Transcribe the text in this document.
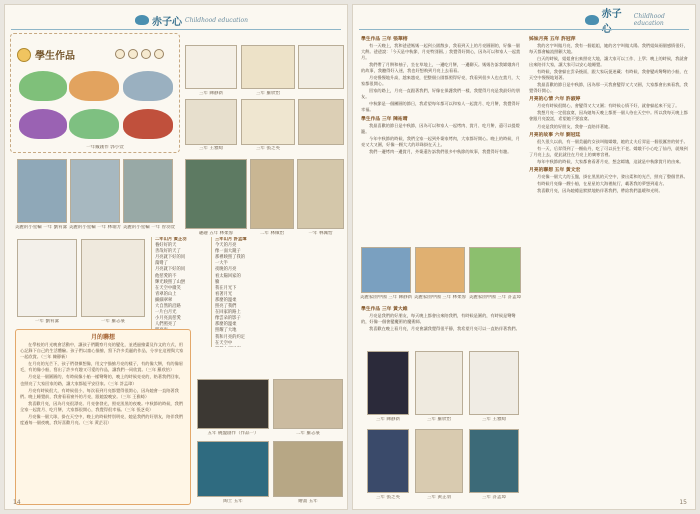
赤子心 Childhood education
學生作品
一年級創作 郭小萱
三年 陳靜新	三年 羅欣怡
三年 王雅綺	三年 張芝英
美麗的小星輪 一年 劉宥潔 美麗的小星輪 一年 林瑜芳 美麗的小星輪 一年 曾羽萱
趣趣 五年 林柔蓉	二年 林佩怡	一年 林佩怡
一年 劉宥潔	一年 羅志豪
二年山月 黃芷羽
養好好的天
善哉好的天了
月亮就下好的同
蕩彎了
月亮就下好的同
他慈愛的不
輝光映照了山巒
在天空中微笑
青翠的山上
細細翠翠
大自然的沿路
一片白月光
小月亮真慈愛
人們照亮了
三年山月 許孟璋
今天的月亮
像一面大鏡子
那裡映照了我的
一大半
夜晚的月亮
看太陽回家的
臉
我在月光下
看著月光
那麼的溫柔
照亮了我們
在回家的路上
像雲朵的影子
那麼的溫柔
照耀了大地
我和月亮的約定
在天空中
月的聯想

在學校的月光晚會活動中，讓孩子們觀察月亮的變化，並透過繪畫及作文的方式，用心記錄下自己的生活體驗。孩子們以童心描繪，寫下許多美麗的作品，分享在這裡與大家一起欣賞。（三年 陳靜新）

在月亮的光芒下，孩子們發揮想像，用文字描繪月亮的樣子，有的像大餅，有的像眉毛，有的像小船，寫出了許多有趣又可愛的作品，讓我們一同欣賞。（三年 羅欣怡）

月亮是一個圓圓的，有時候像小船一樣彎彎的，晚上的時候亮亮的，陪著我們回家，也照亮了大家回家的路，讓大家都能平安回家。（三年 許孟璋）

月亮有時候很大，有時候很小，每次看到月亮都覺得很開心，因為她會一直陪著我們。晚上睡覺前，我會看看窗外的月亮，跟她說晚安。（三年 王雅綺）

我喜歡月亮，因為月亮很漂亮。月亮會發光，照亮黑黑的夜晚。中秋節的時候，我們全家一起賞月、吃月餅，大家都很開心，我覺得很幸福。（三年 張芝英）

月亮像一個大球，掛在天空中，晚上的時候特別明亮，她是我們的好朋友，陪伴我們度過每一個夜晚，我好喜歡月亮。（三年 黃芷羽）

五年 碗盤創作（作品一）	二年 羅志豪
陶土 五年	繪畫 五年
14
赤子	Childhood education
學生作品 三年 張華榕

有一天晚上，我和爸爸媽媽一起到公園散步，我看到天上的月亮圓圓的，好像一個大餅。爸爸說：「今天是中秋節，月亮特別圓。」我覺得好開心，因為可以和家人一起賞月。

我們帶了月餅和柚子，坐在草地上，一邊吃月餅，一邊聊天。媽媽告訴我嫦娥奔月的故事，我聽得好入迷，我也好想飛到月亮上去看看。

月亮慢慢地升高，越來越亮，把整個公園都照得好亮，我看到很多人也在賞月，大家都很開心。

回家的路上，月亮一直跟著我們，好像在保護我們一樣，我覺得月亮是我最好的朋友。

中秋節是一個團圓的節日，我希望每年都可以和家人一起賞月、吃月餅，我覺得好幸福。

學生作品 三年 陳祐晴

我最喜歡的節日是中秋節，因為可以和家人一起烤肉、賞月、吃月餅，還可以提燈籠。

今年中秋節的時候，我們全家一起到外婆家烤肉，大家都好開心。晚上的時候，月亮又大又圓，好像一顆大大的珍珠掛在天上。

我們一邊烤肉一邊賞月，外婆還告訴我們很多中秋節的故事，我覺得好有趣。

美麗家園中國 三年 陳靜新 美麗家園中國 三年 林柔蓉 美麗家園中國 三年 許孟璋
學生作品 三年 黃大維

月亮是我們的好朋友，每天晚上都會出來陪我們，有時候是圓的，有時候是彎彎的，好像一個會變魔術的魔術師。

我喜歡在晚上看月亮，月亮會讓我覺得很平靜，我希望月亮可以一直陪伴著我們。

三年 陳靜新	三年 羅欣怡	三年 王雅綺
三年 張芝英	三年 黃芷羽	三年 許孟璋
姊妹月亮 五年 許冠萍

我的名字叫做月亮，我有一個姐姐，她的名字叫做太陽。我們姐妹兩個感情很好，每天都會輪流照顧大地。

白天的時候，姐姐會出來照亮大地，讓大家可以工作、上學；晚上的時候，我就會出來陪伴大家，讓大家可以安心地睡覺。

有時候，我會躲在雲朵後面，跟大家玩捉迷藏；有時候，我會變成彎彎的小船，在天空中慢慢地划著。

我最喜歡的節日是中秋節，因為那一天我會變得又大又圓，大家都會出來看我，我覺得好開心。

月亮的心情 六年 許淑婷

月亮有時候很開心，會變得又大又圓；有時候心情不好，就會躲起來不見了。

我想月亮一定很寂寞，因為她每天晚上都要一個人待在天空中。所以我每天晚上都會跟月亮說話，希望她不要寂寞。

月亮是我的好朋友，我會一直陪伴著她。

月亮的故事 六年 劉冠廷

很久很久以前，有一個美麗的女孩叫做嫦娥，她的丈夫后羿是一個很厲害的射手。

有一天，后羿得到了一顆仙丹，吃了可以長生不老。嫦娥不小心吃了仙丹，就飛到了月亮上去，從此就住在月亮上的廣寒宮裡。

每年中秋節的時候，大家都會看著月亮，想念嫦娥，這就是中秋節賞月的由來。

月亮的聯想 五年 黃文宏

月亮像一個大大的玉盤，掛在黑黑的天空中，發出柔和的光芒，照亮了整個世界。

有時候月亮像一艘小船，在星星的大海裡航行，載著我的夢想到遠方。

我喜歡月亮，因為她總是默默地陪伴著我們，帶給我們溫暖和光明。

15
